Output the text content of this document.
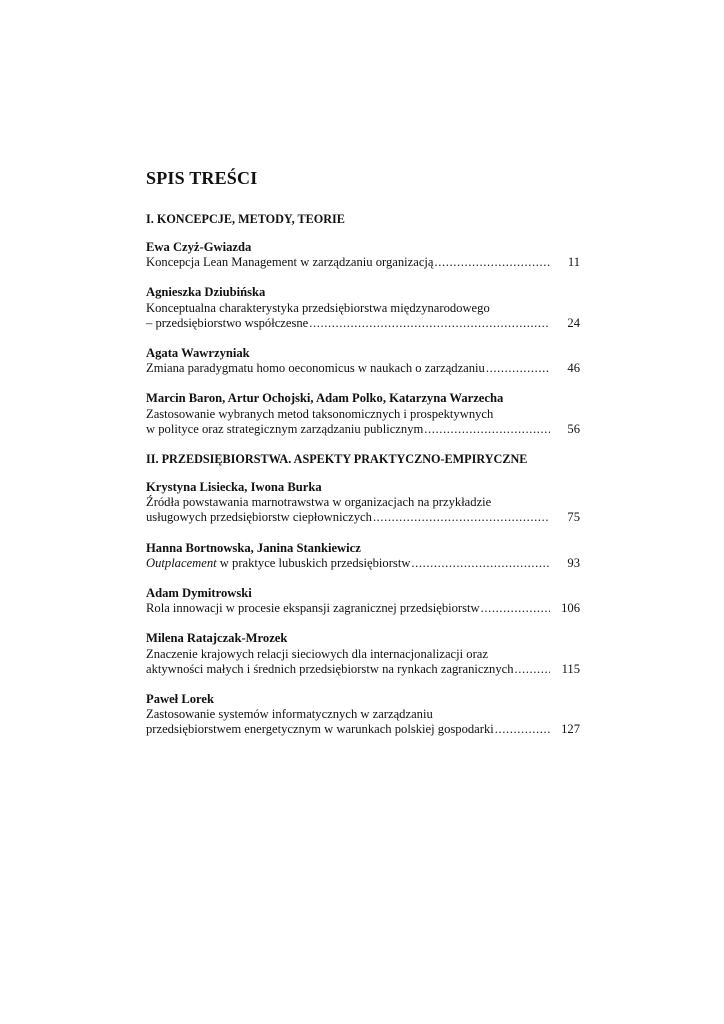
SPIS TREŚCI
I. KONCEPCJE, METODY, TEORIE
Ewa Czyż-Gwiazda
Koncepcja Lean Management w zarządzaniu organizacją .....	11
Agnieszka Dziubińska
Konceptualna charakterystyka przedsiębiorstwa międzynarodowego
– przedsiębiorstwo współczesne .....	24
Agata Wawrzyniak
Zmiana paradygmatu homo oeconomicus w naukach o zarządzaniu .....	46
Marcin Baron, Artur Ochojski, Adam Polko, Katarzyna Warzecha
Zastosowanie wybranych metod taksonomicznych i prospektywnych
w polityce oraz strategicznym zarządzaniu publicznym .....	56
II. PRZEDSIĘBIORSTWA. ASPEKTY PRAKTYCZNO-EMPIRYCZNE
Krystyna Lisiecka, Iwona Burka
Źródła powstawania marnotrawstwa w organizacjach na przykładzie
usługowych przedsiębiorstw ciepłowniczych .....	75
Hanna Bortnowska, Janina Stankiewicz
Outplacement w praktyce lubuskich przedsiębiorstw .....	93
Adam Dymitrowski
Rola innowacji w procesie ekspansji zagranicznej przedsiębiorstw .....	106
Milena Ratajczak-Mrozek
Znaczenie krajowych relacji sieciowych dla internacjonalizacji oraz
aktywności małych i średnich przedsiębiorstw na rynkach zagranicznych .....	115
Paweł Lorek
Zastosowanie systemów informatycznych w zarządzaniu
przedsiębiorstwem energetycznym w warunkach polskiej gospodarki .....	127
